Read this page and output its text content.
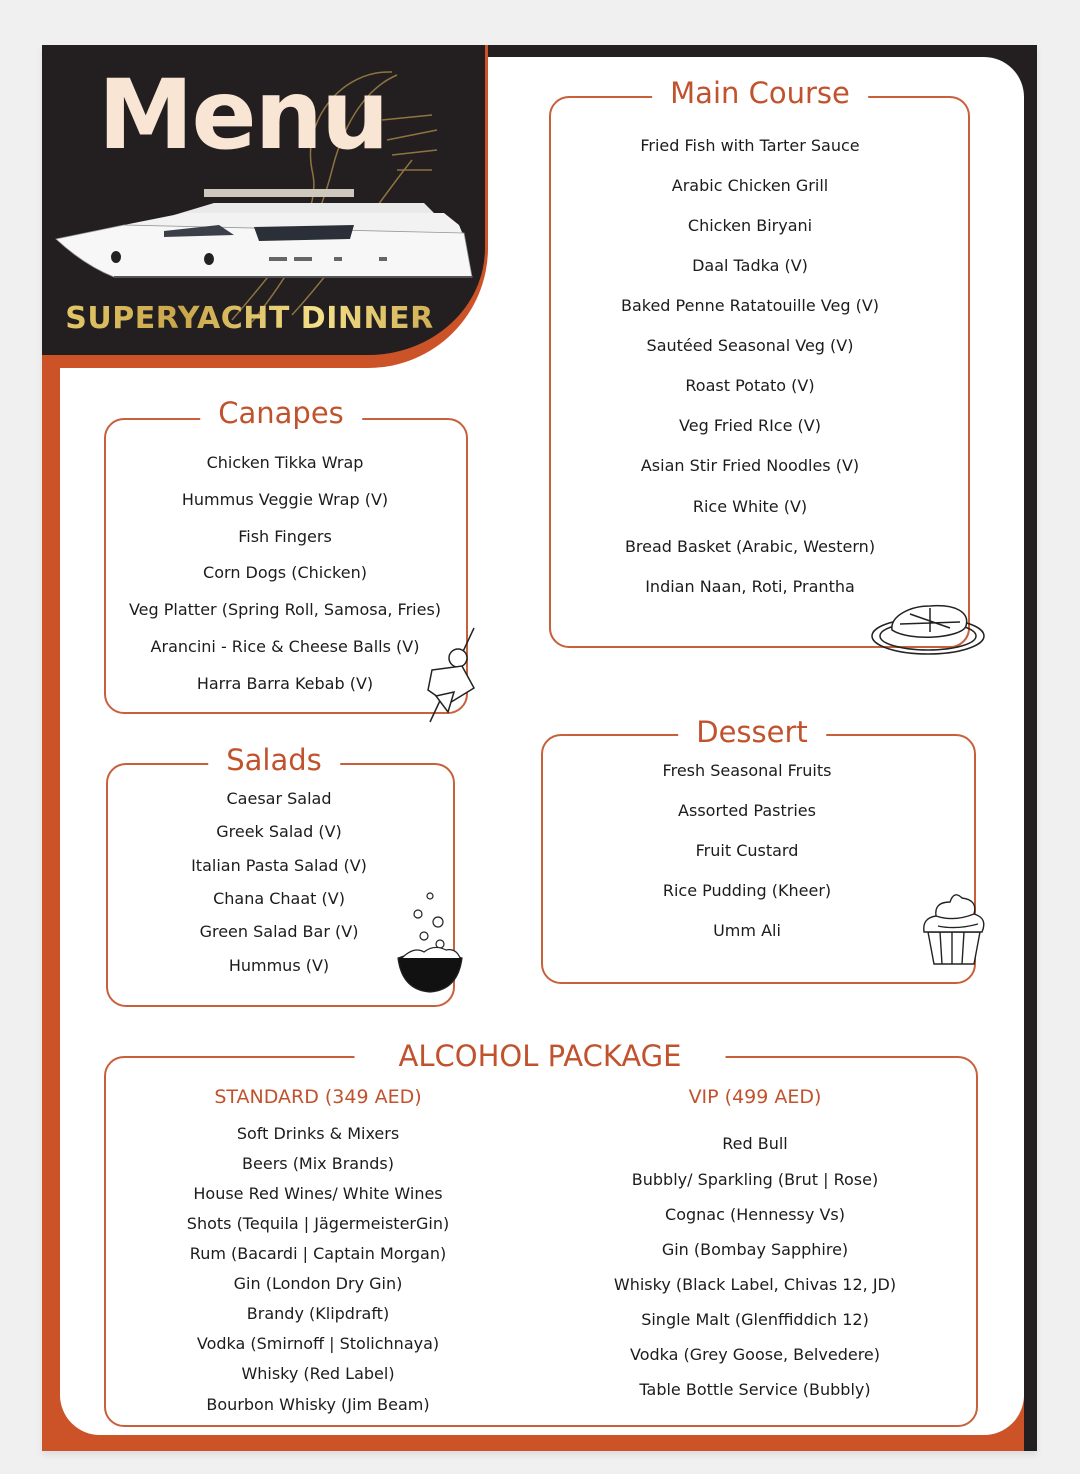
Menu
SUPERYACHT DINNER
Main Course
Fried Fish with Tarter Sauce
Arabic Chicken Grill
Chicken Biryani
Daal Tadka (V)
Baked Penne Ratatouille Veg (V)
Sautéed Seasonal Veg (V)
Roast Potato (V)
Veg Fried RIce (V)
Asian Stir Fried Noodles (V)
Rice White (V)
Bread Basket (Arabic, Western)
Indian Naan, Roti, Prantha
Canapes
Chicken Tikka Wrap
Hummus Veggie Wrap (V)
Fish Fingers
Corn Dogs (Chicken)
Veg Platter (Spring Roll, Samosa, Fries)
Arancini - Rice & Cheese Balls (V)
Harra Barra Kebab (V)
Salads
Caesar Salad
Greek Salad (V)
Italian Pasta Salad (V)
Chana Chaat (V)
Green Salad Bar (V)
Hummus (V)
Dessert
Fresh Seasonal Fruits
Assorted Pastries
Fruit Custard
Rice Pudding (Kheer)
Umm Ali
ALCOHOL PACKAGE
STANDARD (349 AED)
Soft Drinks & Mixers
Beers (Mix Brands)
House Red Wines/ White Wines
Shots (Tequila | JägermeisterGin)
Rum (Bacardi | Captain Morgan)
Gin (London Dry Gin)
Brandy (Klipdraft)
Vodka (Smirnoff | Stolichnaya)
Whisky (Red Label)
Bourbon Whisky (Jim Beam)
VIP (499 AED)
Red Bull
Bubbly/ Sparkling (Brut | Rose)
Cognac (Hennessy Vs)
Gin (Bombay Sapphire)
Whisky (Black Label, Chivas 12, JD)
Single Malt (Glenffiddich 12)
Vodka (Grey Goose, Belvedere)
Table Bottle Service (Bubbly)
